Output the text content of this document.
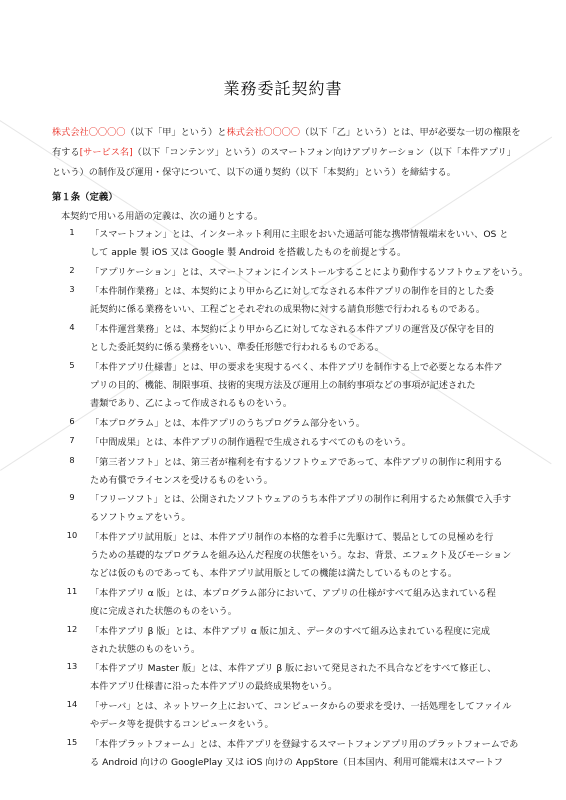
業務委託契約書
株式会社〇〇〇〇（以下「甲」という）と株式会社〇〇〇〇（以下「乙」という）とは、甲が必要な一切の権限を有する[サービス名]（以下「コンテンツ」という）のスマートフォン向けアプリケーション（以下「本件アプリ」という）の制作及び運用・保守について、以下の通り契約（以下「本契約」という）を締結する。
第１条（定義）
本契約で用いる用語の定義は、次の通りとする。
1	「スマートフォン」とは、インターネット利用に主眼をおいた通話可能な携帯情報端末をいい、OS と
して apple 製 iOS 又は Google 製 Android を搭載したものを前提とする。
2	「アプリケーション」とは、スマートフォンにインストールすることにより動作するソフトウェアをいう。
3	「本件制作業務」とは、本契約により甲から乙に対してなされる本件アプリの制作を目的とした委
託契約に係る業務をいい、工程ごとそれぞれの成果物に対する請負形態で行われるものである。
4	「本件運営業務」とは、本契約により甲から乙に対してなされる本件アプリの運営及び保守を目的
とした委託契約に係る業務をいい、準委任形態で行われるものである。
5	「本件アプリ仕様書」とは、甲の要求を実現するべく、本件アプリを制作する上で必要となる本件ア
プリの目的、機能、制限事項、技術的実現方法及び運用上の制約事項などの事項が記述された
書類であり、乙によって作成されるものをいう。
6	「本プログラム」とは、本件アプリのうちプログラム部分をいう。
7	「中間成果」とは、本件アプリの制作過程で生成されるすべてのものをいう。
8	「第三者ソフト」とは、第三者が権利を有するソフトウェアであって、本件アプリの制作に利用する
ため有償でライセンスを受けるものをいう。
9	「フリーソフト」とは、公開されたソフトウェアのうち本件アプリの制作に利用するため無償で入手す
るソフトウェアをいう。
10	「本件アプリ試用版」とは、本件アプリ制作の本格的な着手に先駆けて、製品としての見極めを行
うための基礎的なプログラムを組み込んだ程度の状態をいう。なお、背景、エフェクト及びモーション
などは仮のものであっても、本件アプリ試用版としての機能は満たしているものとする。
11	「本件アプリ α 版」とは、本プログラム部分において、アプリの仕様がすべて組み込まれている程
度に完成された状態のものをいう。
12	「本件アプリ β 版」とは、本件アプリ α 版に加え、データのすべて組み込まれている程度に完成
された状態のものをいう。
13	「本件アプリ Master 版」とは、本件アプリ β 版において発見された不具合などをすべて修正し、
本件アプリ仕様書に沿った本件アプリの最終成果物をいう。
14	「サーバ」とは、ネットワーク上において、コンピュータからの要求を受け、一括処理をしてファイル
やデータ等を提供するコンピュータをいう。
15	「本件プラットフォーム」とは、本件アプリを登録するスマートフォンアプリ用のプラットフォームであ
る Android 向けの GooglePlay 又は iOS 向けの AppStore（日本国内、利用可能端末はスマートフ
